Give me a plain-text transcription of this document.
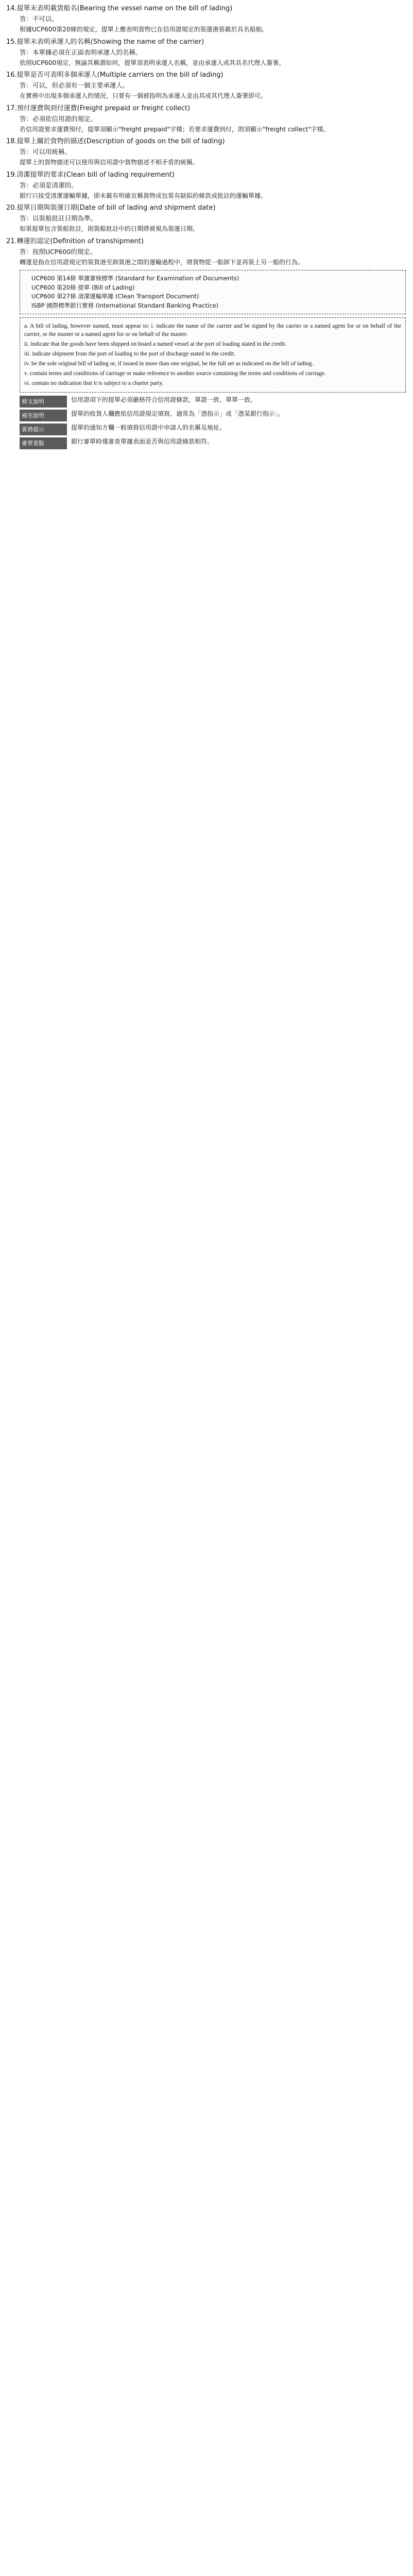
14.提單未表明載貨船名(Bearing the vessel name on the bill of lading)
答：不可以。
根據UCP600第20條的規定，提單上應表明貨物已在信用證規定的裝運港裝載於具名船舶。
15.提單未表明承運人的名稱(Showing the name of the carrier)
答：本單據必須在正面表明承運人的名稱。
依照UCP600規定，無論其稱謂如何，提單須表明承運人名稱，並由承運人或其具名代理人簽署。
16.提單是否可表明多個承運人(Multiple carriers on the bill of lading)
答：可以，但必須有一個主要承運人。
在實務中出現多個承運人的情況，只要有一個被指明為承運人並由其或其代理人簽署即可。
17.預付運費與到付運費(Freight prepaid or freight collect)
答：必須依信用證的規定。
若信用證要求運費預付，提單須顯示"freight prepaid"字樣；若要求運費到付，則須顯示"freight collect"字樣。
18.提單上關於貨物的描述(Description of goods on the bill of lading)
答：可以用統稱。
提單上的貨物描述可以使用與信用證中貨物描述不相矛盾的統稱。
19.清潔提單的要求(Clean bill of lading requirement)
答：必須是清潔的。
銀行只接受清潔運輸單據，即未載有明確宣稱貨物或包裝有缺陷的條款或批註的運輸單據。
20.提單日期與裝運日期(Date of bill of lading and shipment date)
答：以裝船批註日期為準。
如果提單包含裝船批註，則裝船批註中的日期將被視為裝運日期。
21.轉運的認定(Definition of transhipment)
答：按照UCP600的規定。
轉運是指在信用證規定的裝貨港至卸貨港之間的運輸過程中，將貨物從一船卸下並再裝上另一船的行為。
UCP600 第14條 單據審核標準 (Standard for Examination of Documents)
UCP600 第20條 提單 (Bill of Lading)
UCP600 第27條 清潔運輸單據 (Clean Transport Document)
ISBP 國際標準銀行實務 (International Standard Banking Practice)
a. A bill of lading, however named, must appear to: i. indicate the name of the carrier and be signed by the carrier or a named agent for or on behalf of the carrier, or the master or a named agent for or on behalf of the master.
ii. indicate that the goods have been shipped on board a named vessel at the port of loading stated in the credit.
iii. indicate shipment from the port of loading to the port of discharge stated in the credit.
iv. be the sole original bill of lading or, if issued in more than one original, be the full set as indicated on the bill of lading.
v. contain terms and conditions of carriage or make reference to another source containing the terms and conditions of carriage.
vi. contain no indication that it is subject to a charter party.
條文說明	信用證項下的提單必須嚴格符合信用證條款，單證一致、單單一致。
補充說明	提單的收貨人欄應依信用證規定填寫，通常為「憑指示」或「憑某銀行指示」。
實務提示	提單的通知方欄一般填寫信用證中申請人的名稱及地址。
審單要點	銀行審單時僅審查單據表面是否與信用證條款相符。
